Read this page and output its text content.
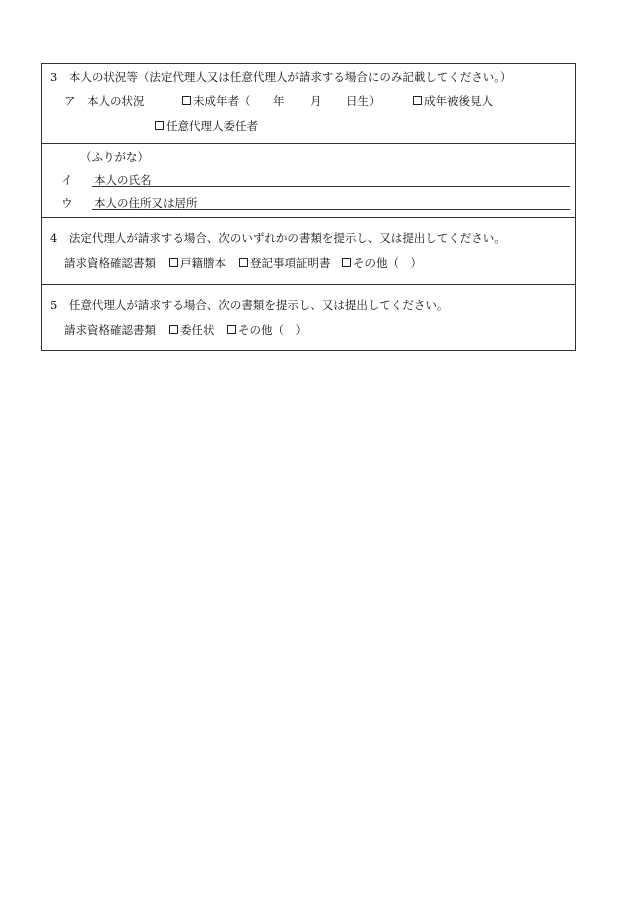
3　本人の状況等（法定代理人又は任意代理人が請求する場合にのみ記載してください。）
ア　本人の状況	未成年者（ 年 月 日生）	成年被後見人
任意代理人委任者
（ふりがな）
イ 本人の氏名
ウ 本人の住所又は居所
4　法定代理人が請求する場合、次のいずれかの書類を提示し、又は提出してください。
請求資格確認書類	戸籍謄本	登記事項証明書	その他（　）
5　任意代理人が請求する場合、次の書類を提示し、又は提出してください。
請求資格確認書類	委任状	その他（　）
